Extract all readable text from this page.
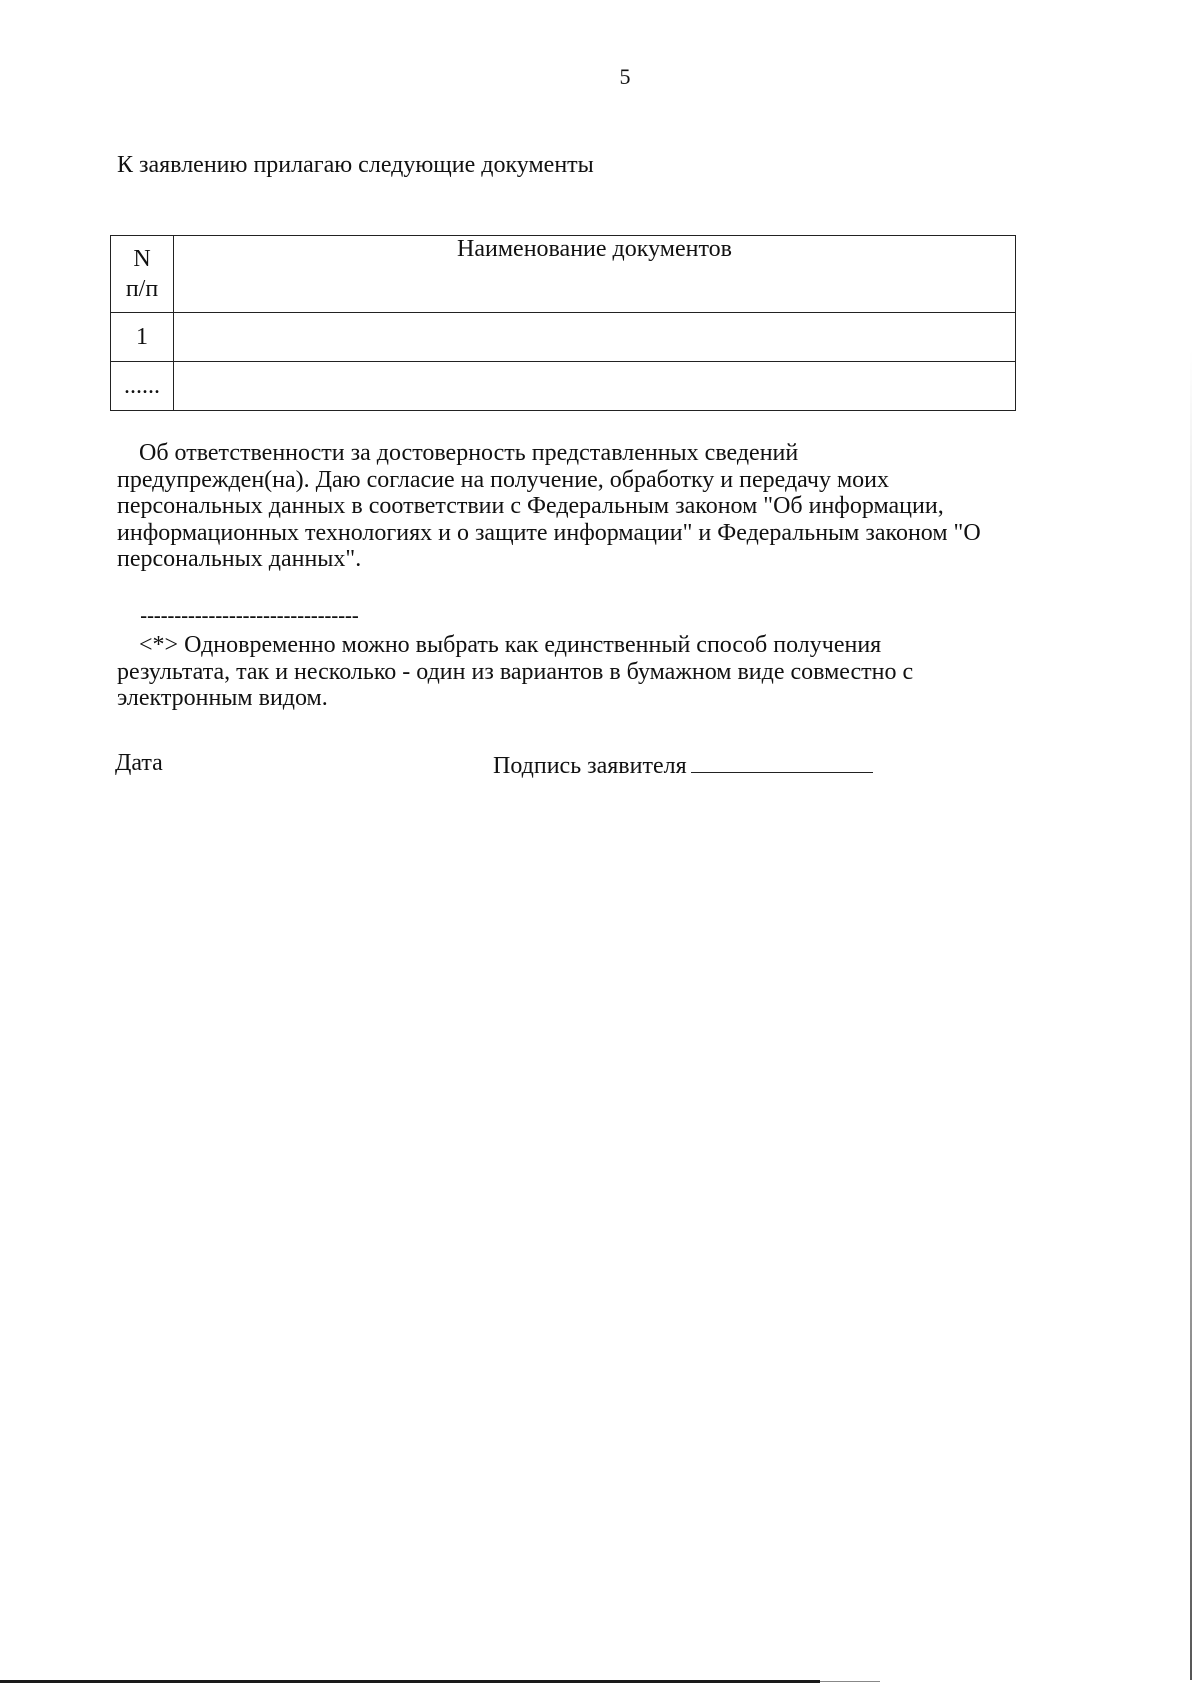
5

К заявлению прилагаю следующие документы

N
п/п	Наименование документов
1	
......	

Об ответственности за достоверность представленных сведений
предупрежден(на). Даю согласие на получение, обработку и передачу моих
персональных данных в соответствии с Федеральным законом "Об информации,
информационных технологиях и о защите информации" и Федеральным законом "О
персональных данных".

--------------------------------

<*> Одновременно можно выбрать как единственный способ получения
результата, так и несколько - один из вариантов в бумажном виде совместно с
электронным видом.

Дата	Подпись заявителя
